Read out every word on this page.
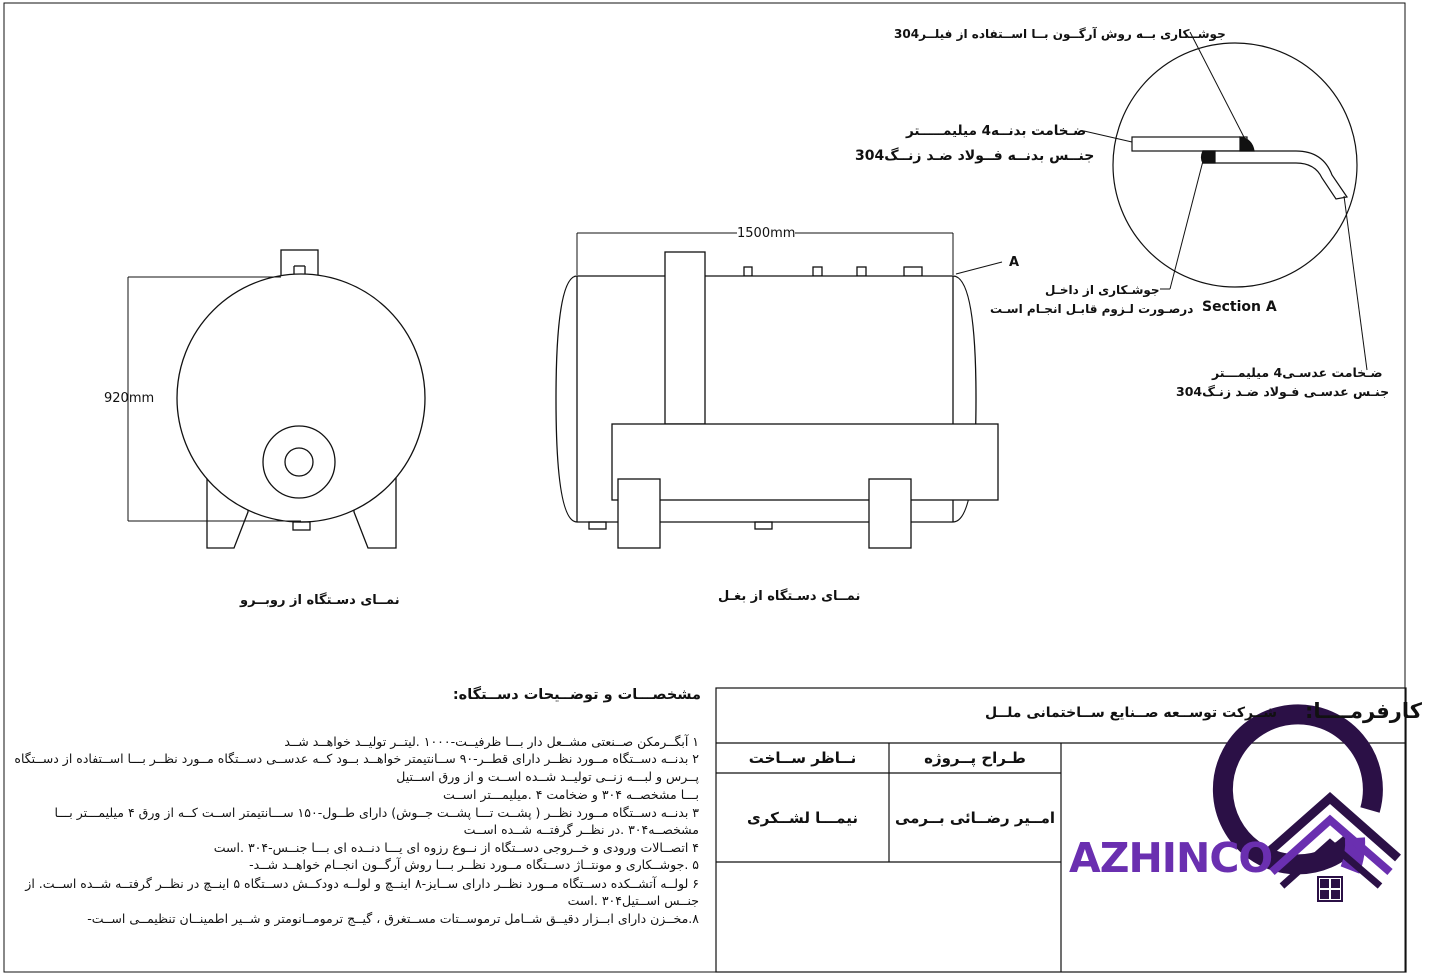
جوشــکاری بــه روش آرگــون بــا اســتفاده از فیلــر304
ضـخامت بدنــه4 میلیمـــــتر
جنــس بدنــه فــولاد ضـد زنــگ304
جوشـکاری از داخـل
درصـورت لـزوم قابـل انجـام اسـت Section A
ضـخامت عدسـی4 میلیمـــتر
جنـس عدسـی فـولاد ضـد زنـگ304
920mm
نمــای دسـتگاه از روبــرو
1500mm
A
نمــای دسـتگاه از بغـل
مشخصـــات و توضــیحات دســتگاه:
۱ آبگــرمکن صــنعتی مشــعل دار بـــا ظرفیــت-۱۰۰۰ .لیتــر تولیــد خواهــد شــد
۲ بدنــه دســتگاه مــورد نظــر دارای قطــر-۹۰ ســانتیمتر خواهــد بــود کــه عدســی دســتگاه مــورد نظــر بـــا اســتفاده از دســتگاه
پــرس و لبـــه زنــی تولیــد شــده اســت و از ورق اســتیل
بـــا مشخصــه ۳۰۴ و ضخامت ۴ .میلیمـــتر اســت
۳ بدنــه دســتگاه مــورد نظــر ( پشــت تـــا پشــت جــوش) دارای طــول-۱۵۰ ســـانتیمتر اســت کــه از ورق ۴ میلیمـــتر بـــا
مشخصــه۳۰۴ .در نظــر گرفتــه شــده اســت
۴ اتصــالات ورودی و خــروجی دســتگاه از نــوع رزوه ای یـــا دنــده ای بـــا جنــس-۳۰۴ .است
۵ .جوشــکاری و مونتــاژ دســتگاه مــورد نظــر بـــا روش آرگــون انجــام خواهــد شــد-
۶ لولــه آتشــکده دســتگاه مــورد نظــر دارای ســایز-۸ اینــچ و لولــه دودکــش دســتگاه ۵ اینــچ در نظــر گرفتــه شــده اســت. از
جنــس اســتیل۳۰۴ .است
۸.مخــزن دارای ابــزار دقیــق شــامل ترموســتات مســتغرق ، گیــج ترمومــانومتر و شــیر اطمینــان تنظیمــی اســت-
کارفرمــــا:
شــرکت توســعه صــنایع ســاختمانی ملــل
طـراح پــروژه
نــاظر ســاخت
امــیر رضــائی بــرمی
نیمـــا لشــکری
AZHINCO
